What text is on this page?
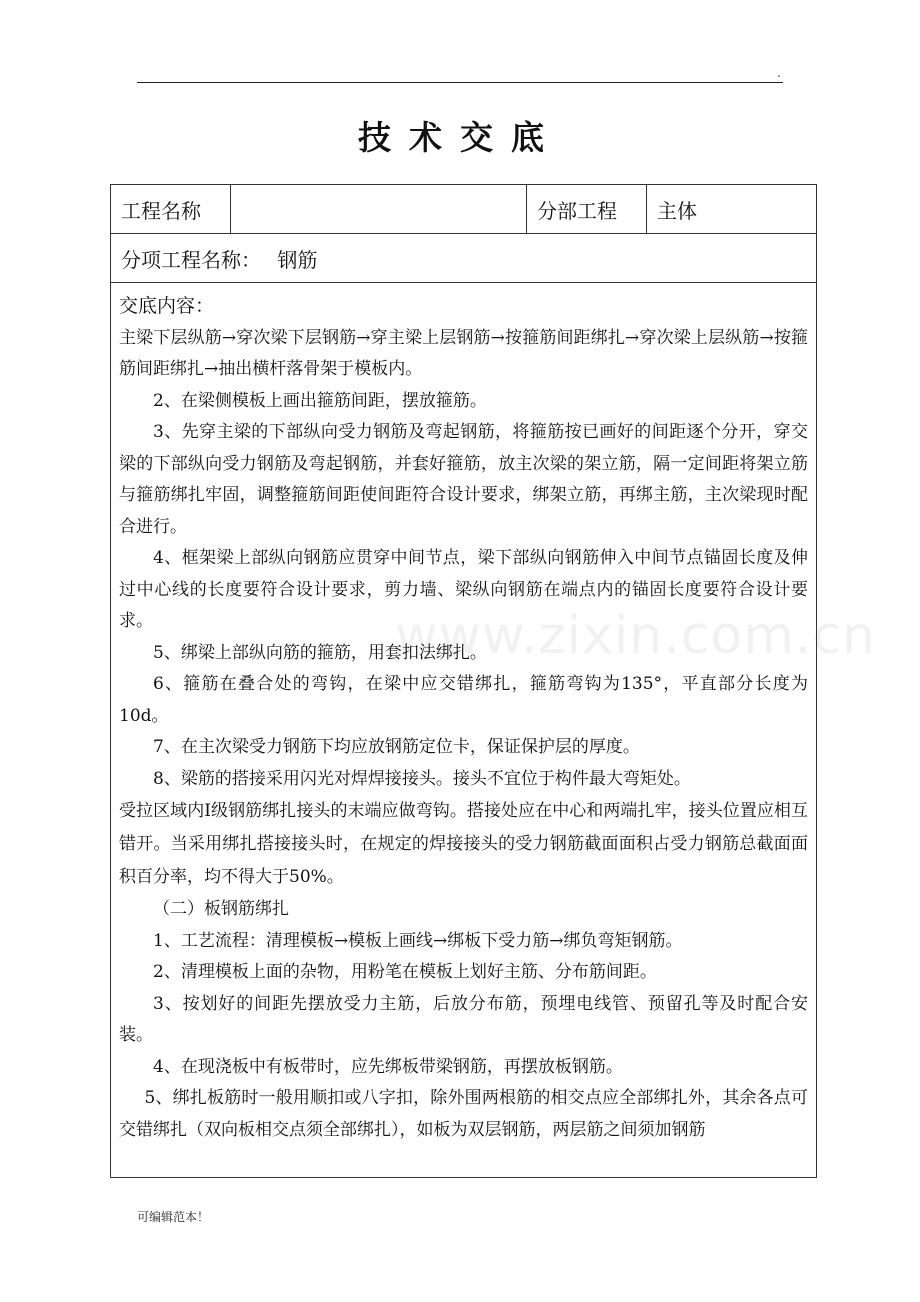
.
技术交底
www.zixin.com.cn
工程名称		分部工程	主体
分项工程名称： 钢筋

交底内容：

主梁下层纵筋→穿次梁下层钢筋→穿主梁上层钢筋→按箍筋间距绑扎→穿次梁上层纵筋→按箍筋间距绑扎→抽出横杆落骨架于模板内。

2、在梁侧模板上画出箍筋间距，摆放箍筋。

3、先穿主梁的下部纵向受力钢筋及弯起钢筋，将箍筋按已画好的间距逐个分开，穿交梁的下部纵向受力钢筋及弯起钢筋，并套好箍筋，放主次梁的架立筋，隔一定间距将架立筋与箍筋绑扎牢固，调整箍筋间距使间距符合设计要求，绑架立筋，再绑主筋，主次梁现时配合进行。

4、框架梁上部纵向钢筋应贯穿中间节点，梁下部纵向钢筋伸入中间节点锚固长度及伸过中心线的长度要符合设计要求，剪力墙、梁纵向钢筋在端点内的锚固长度要符合设计要求。

5、绑梁上部纵向筋的箍筋，用套扣法绑扎。

6、箍筋在叠合处的弯钩，在梁中应交错绑扎，箍筋弯钩为135°，平直部分长度为10d。

7、在主次梁受力钢筋下均应放钢筋定位卡，保证保护层的厚度。

8、梁筋的搭接采用闪光对焊焊接接头。接头不宜位于构件最大弯矩处。

受拉区域内Ⅰ级钢筋绑扎接头的末端应做弯钩。搭接处应在中心和两端扎牢，接头位置应相互错开。当采用绑扎搭接接头时，在规定的焊接接头的受力钢筋截面面积占受力钢筋总截面面积百分率，均不得大于50%。

（二）板钢筋绑扎

1、工艺流程：清理模板→模板上画线→绑板下受力筋→绑负弯矩钢筋。

2、清理模板上面的杂物，用粉笔在模板上划好主筋、分布筋间距。

3、按划好的间距先摆放受力主筋，后放分布筋，预埋电线管、预留孔等及时配合安装。

4、在现浇板中有板带时，应先绑板带梁钢筋，再摆放板钢筋。

5、绑扎板筋时一般用顺扣或八字扣，除外围两根筋的相交点应全部绑扎外，其余各点可交错绑扎（双向板相交点须全部绑扎），如板为双层钢筋，两层筋之间须加钢筋

可编辑范本！
